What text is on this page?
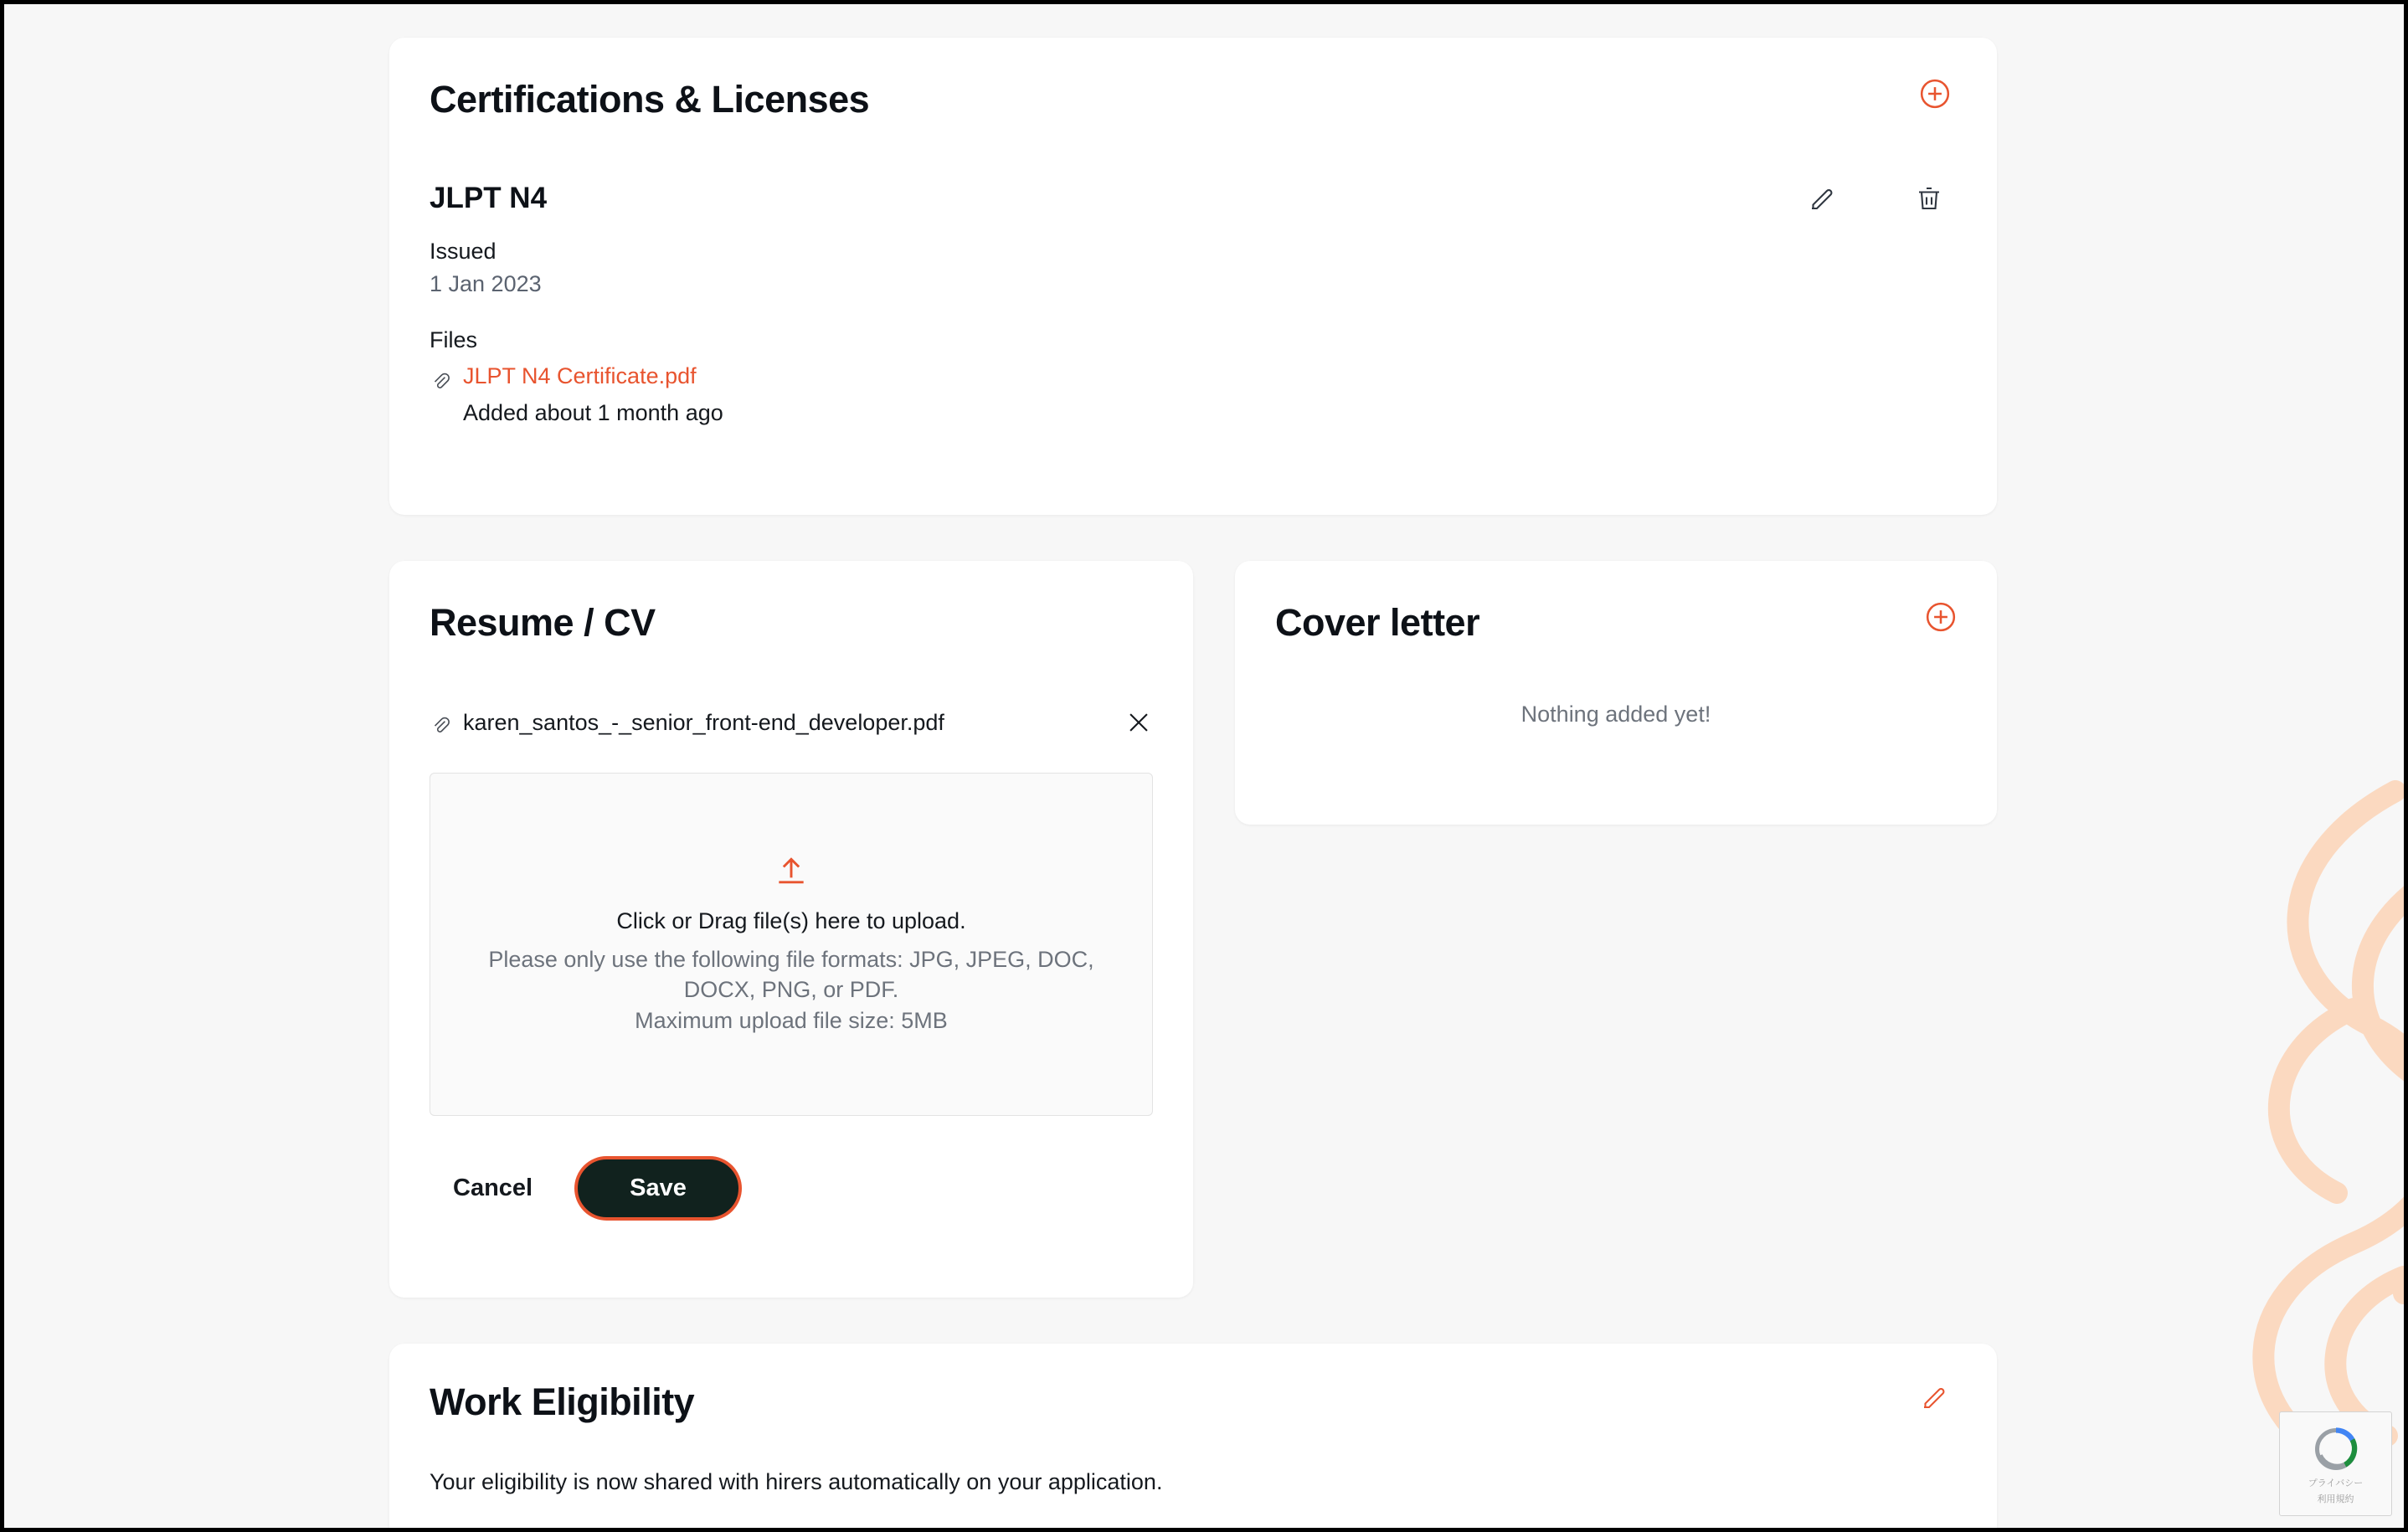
Certifications & Licenses
JLPT N4
Issued
1 Jan 2023
Files
JLPT N4 Certificate.pdf
Added about 1 month ago
Resume / CV
karen_santos_-_senior_front-end_developer.pdf
Click or Drag file(s) here to upload.
Please only use the following file formats: JPG, JPEG, DOC, DOCX, PNG, or PDF.
Maximum upload file size: 5MB
Cancel	Save
Cover letter
Nothing added yet!
Work Eligibility
Your eligibility is now shared with hirers automatically on your application.	プライバシー
利用規約
